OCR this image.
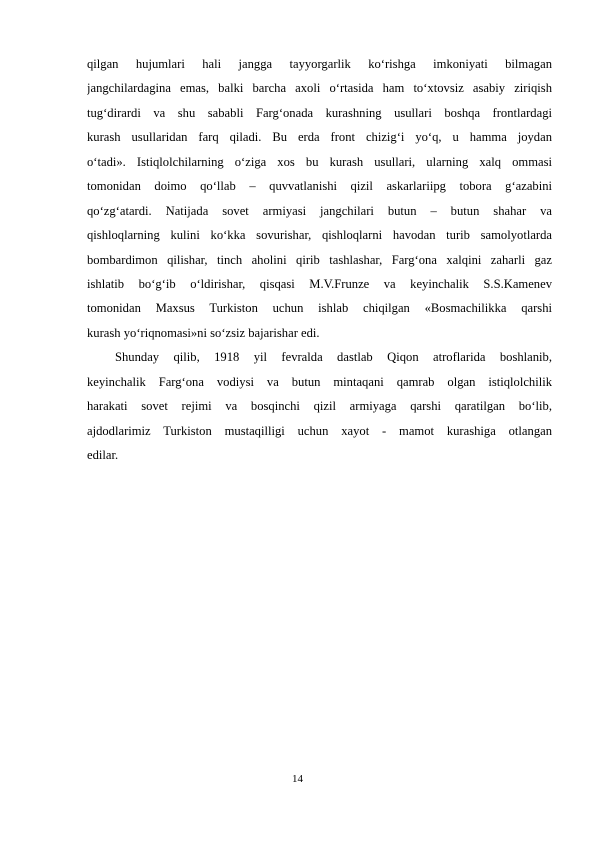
qilgan hujumlari hali jangga tayyorgarlik ko‘rishga imkoniyati bilmagan
jangchilardagina emas, balki barcha axoli o‘rtasida ham to‘xtovsiz asabiy ziriqish
tug‘dirardi va shu sababli Farg‘onada kurashning usullari boshqa frontlardagi
kurash usullaridan farq qiladi. Bu erda front chizig‘i yo‘q, u hamma joydan
o‘tadi». Istiqlolchilarning o‘ziga xos bu kurash usullari, ularning xalq ommasi
tomonidan doimo qo‘llab – quvvatlanishi qizil askarlariipg tobora g‘azabini
qo‘zg‘atardi. Natijada sovet armiyasi jangchilari butun – butun shahar va
qishloqlarning kulini ko‘kka sovurishar, qishloqlarni havodan turib samolyotlarda
bombardimon qilishar, tinch aholini qirib tashlashar, Farg‘ona xalqini zaharli gaz
ishlatib bo‘g‘ib o‘ldirishar, qisqasi M.V.Frunze va keyinchalik S.S.Kamenev
tomonidan Maxsus Turkiston uchun ishlab chiqilgan «Bosmachilikka qarshi
kurash yo‘riqnomasi»ni so‘zsiz bajarishar edi.
Shunday qilib, 1918 yil fevralda dastlab Qiqon atroflarida boshlanib,
keyinchalik Farg‘ona vodiysi va butun mintaqani qamrab olgan istiqlolchilik
harakati sovet rejimi va bosqinchi qizil armiyaga qarshi qaratilgan bo‘lib,
ajdodlarimiz Turkiston mustaqilligi uchun xayot - mamot kurashiga otlangan
edilar.
14
